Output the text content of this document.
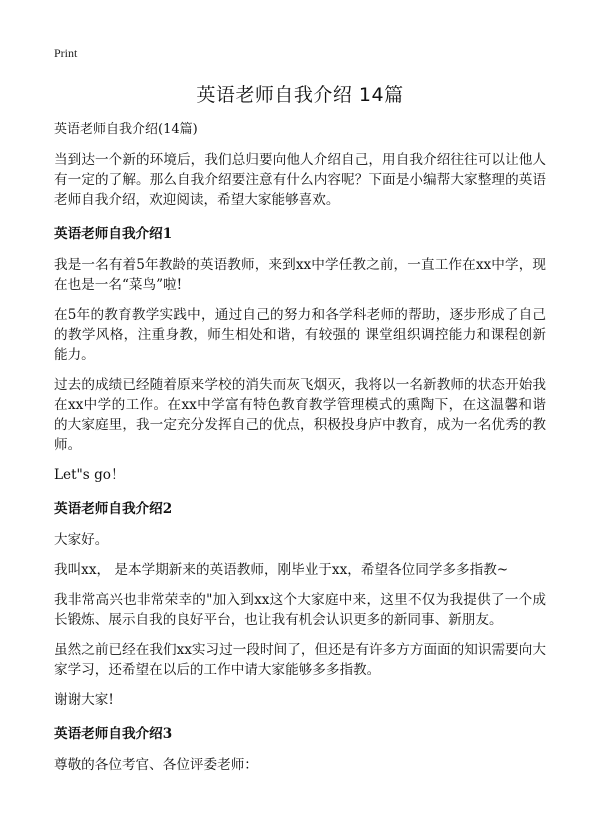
Print
英语老师自我介绍 14篇
英语老师自我介绍(14篇)
当到达一个新的环境后，我们总归要向他人介绍自己，用自我介绍往往可以让他人有一定的了解。那么自我介绍要注意有什么内容呢？下面是小编帮大家整理的英语老师自我介绍，欢迎阅读，希望大家能够喜欢。
英语老师自我介绍1
我是一名有着5年教龄的英语教师，来到xx中学任教之前，一直工作在xx中学，现在也是一名“菜鸟”啦!
在5年的教育教学实践中，通过自己的努力和各学科老师的帮助，逐步形成了自己的教学风格，注重身教，师生相处和谐，有较强的 课堂组织调控能力和课程创新能力。
过去的成绩已经随着原来学校的消失而灰飞烟灭，我将以一名新教师的状态开始我在xx中学的工作。在xx中学富有特色教育教学管理模式的熏陶下，在这温馨和谐的大家庭里，我一定充分发挥自己的优点，积极投身庐中教育，成为一名优秀的教师。
Let"s go！
英语老师自我介绍2
大家好。
我叫xx， 是本学期新来的英语教师，刚毕业于xx，希望各位同学多多指教~
我非常高兴也非常荣幸的"加入到xx这个大家庭中来，这里不仅为我提供了一个成长锻炼、展示自我的良好平台，也让我有机会认识更多的新同事、新朋友。
虽然之前已经在我们xx实习过一段时间了，但还是有许多方方面面的知识需要向大家学习，还希望在以后的工作中请大家能够多多指教。
谢谢大家!
英语老师自我介绍3
尊敬的各位考官、各位评委老师：
